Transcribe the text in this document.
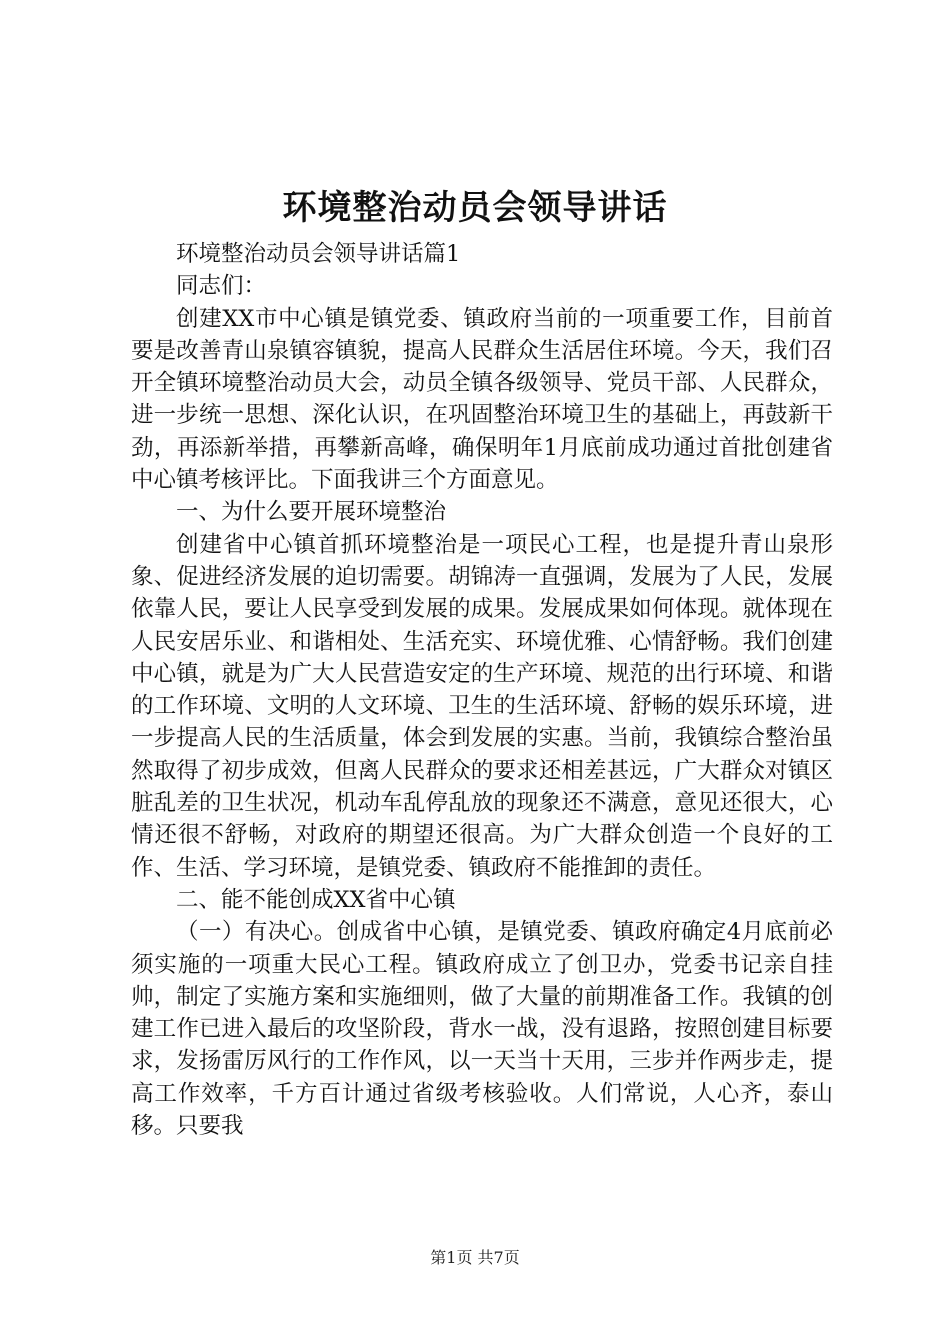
环境整治动员会领导讲话

环境整治动员会领导讲话篇1

同志们：

创建XX市中心镇是镇党委、镇政府当前的一项重要工作，目前首要是改善青山泉镇容镇貌，提高人民群众生活居住环境。今天，我们召开全镇环境整治动员大会，动员全镇各级领导、党员干部、人民群众，进一步统一思想、深化认识，在巩固整治环境卫生的基础上，再鼓新干劲，再添新举措，再攀新高峰，确保明年1月底前成功通过首批创建省中心镇考核评比。下面我讲三个方面意见。

一、为什么要开展环境整治

创建省中心镇首抓环境整治是一项民心工程，也是提升青山泉形象、促进经济发展的迫切需要。胡锦涛一直强调，发展为了人民，发展依靠人民，要让人民享受到发展的成果。发展成果如何体现。就体现在人民安居乐业、和谐相处、生活充实、环境优雅、心情舒畅。我们创建中心镇，就是为广大人民营造安定的生产环境、规范的出行环境、和谐的工作环境、文明的人文环境、卫生的生活环境、舒畅的娱乐环境，进一步提高人民的生活质量，体会到发展的实惠。当前，我镇综合整治虽然取得了初步成效，但离人民群众的要求还相差甚远，广大群众对镇区脏乱差的卫生状况，机动车乱停乱放的现象还不满意，意见还很大，心情还很不舒畅，对政府的期望还很高。为广大群众创造一个良好的工作、生活、学习环境，是镇党委、镇政府不能推卸的责任。

二、能不能创成XX省中心镇

（一）有决心。创成省中心镇，是镇党委、镇政府确定4月底前必须实施的一项重大民心工程。镇政府成立了创卫办，党委书记亲自挂帅，制定了实施方案和实施细则，做了大量的前期准备工作。我镇的创建工作已进入最后的攻坚阶段，背水一战，没有退路，按照创建目标要求，发扬雷厉风行的工作作风，以一天当十天用，三步并作两步走，提高工作效率，千方百计通过省级考核验收。人们常说，人心齐，泰山移。只要我

第1页 共7页
